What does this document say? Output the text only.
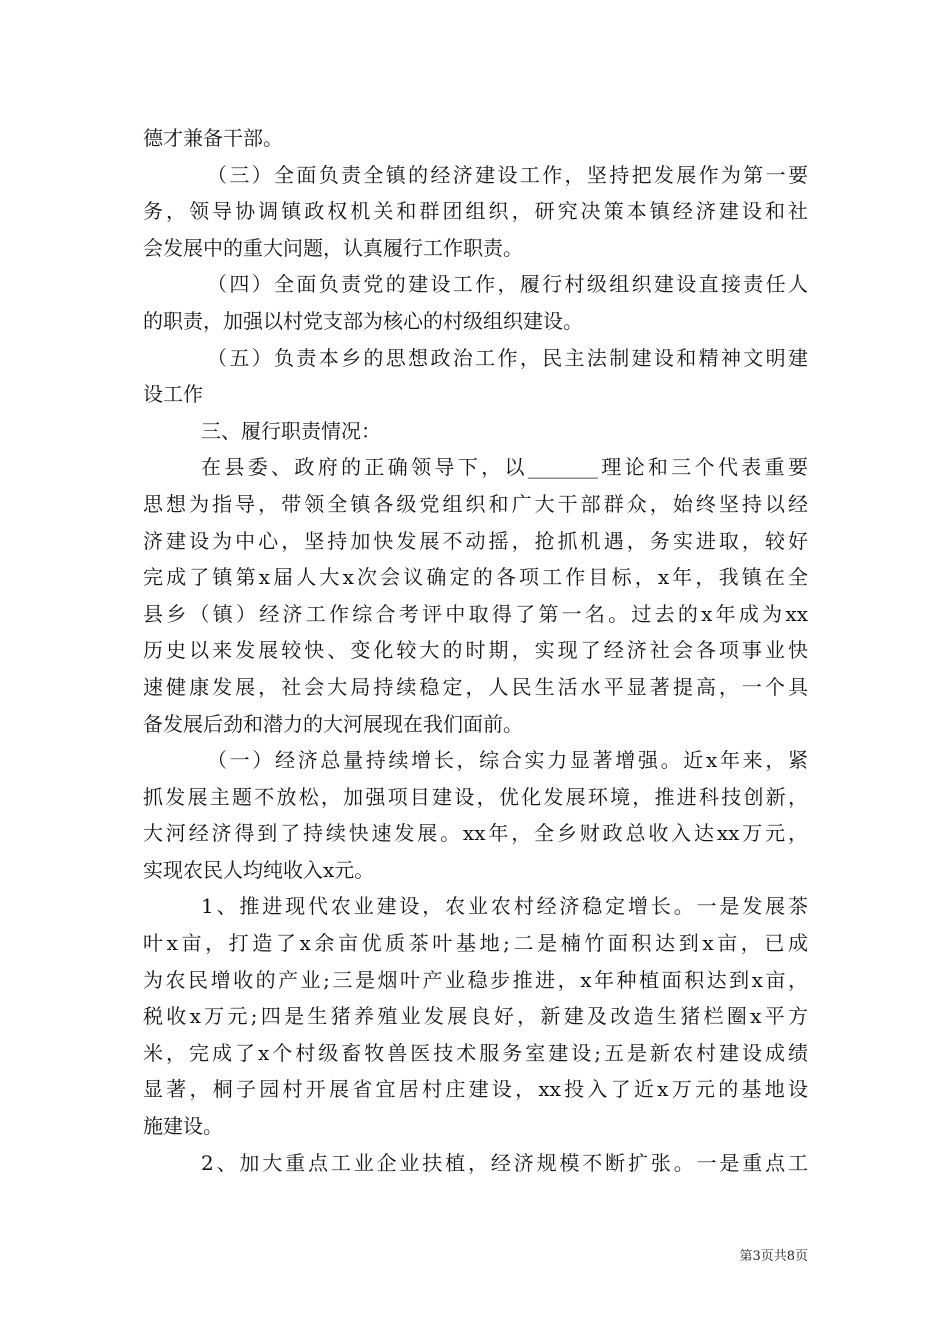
德才兼备干部。
（三）全面负责全镇的经济建设工作，坚持把发展作为第一要
务，领导协调镇政权机关和群团组织，研究决策本镇经济建设和社
会发展中的重大问题，认真履行工作职责。
（四）全面负责党的建设工作，履行村级组织建设直接责任人
的职责，加强以村党支部为核心的村级组织建设。
（五）负责本乡的思想政治工作，民主法制建设和精神文明建
设工作
三、履行职责情况：
在县委、政府的正确领导下，以_______理论和三个代表重要
思想为指导，带领全镇各级党组织和广大干部群众，始终坚持以经
济建设为中心，坚持加快发展不动摇，抢抓机遇，务实进取，较好
完成了镇第x届人大x次会议确定的各项工作目标，x年，我镇在全
县乡（镇）经济工作综合考评中取得了第一名。过去的x年成为xx
历史以来发展较快、变化较大的时期，实现了经济社会各项事业快
速健康发展，社会大局持续稳定，人民生活水平显著提高，一个具
备发展后劲和潜力的大河展现在我们面前。
（一）经济总量持续增长，综合实力显著增强。近x年来，紧
抓发展主题不放松，加强项目建设，优化发展环境，推进科技创新，
大河经济得到了持续快速发展。xx年，全乡财政总收入达xx万元，
实现农民人均纯收入x元。
1、推进现代农业建设，农业农村经济稳定增长。一是发展茶
叶x亩，打造了x余亩优质茶叶基地;二是楠竹面积达到x亩，已成
为农民增收的产业;三是烟叶产业稳步推进，x年种植面积达到x亩，
税收x万元;四是生猪养殖业发展良好，新建及改造生猪栏圈x平方
米，完成了x个村级畜牧兽医技术服务室建设;五是新农村建设成绩
显著，桐子园村开展省宜居村庄建设，xx投入了近x万元的基地设
施建设。
2、加大重点工业企业扶植，经济规模不断扩张。一是重点工
第3页共8页
